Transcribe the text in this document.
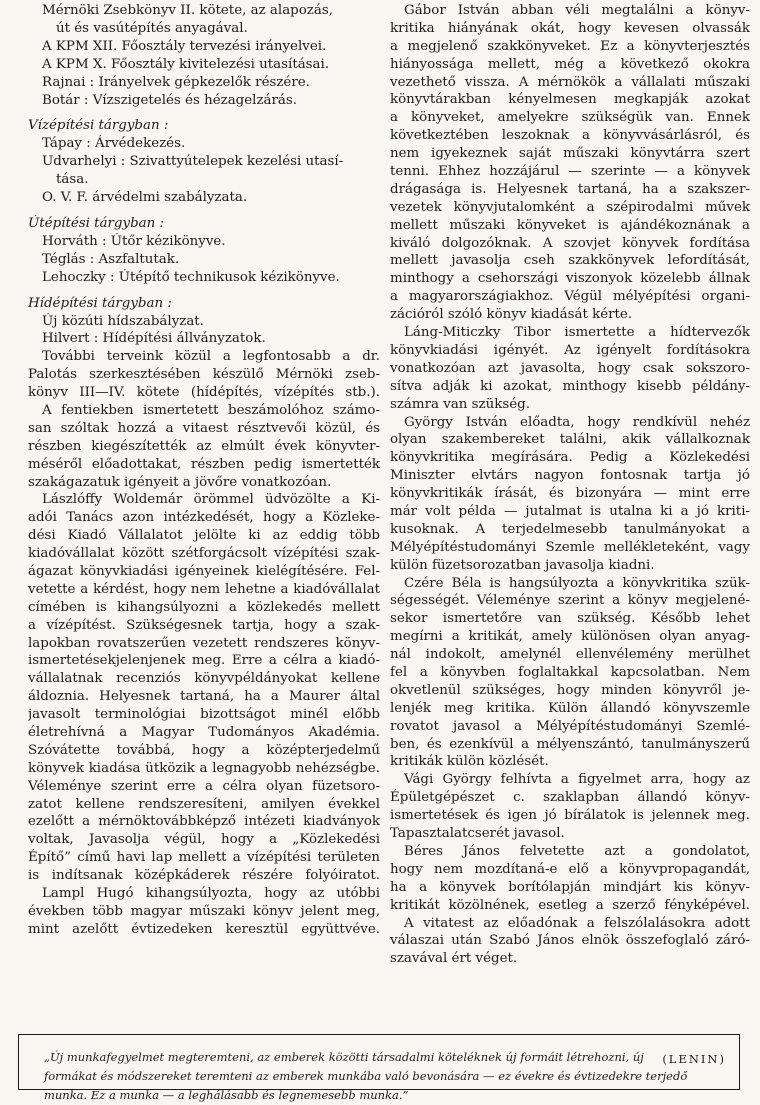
Mérnöki Zsebkönyv II. kötete, az alapozás,
út és vasútépítés anyagával.
A KPM XII. Főosztály tervezési irányelvei.
A KPM X. Főosztály kivitelezési utasításai.
Rajnai : Irányelvek gépkezelők részére.
Botár : Vízszigetelés és hézagelzárás.
Vízépítési tárgyban :
Tápay : Árvédekezés.
Udvarhelyi : Szivattyútelepek kezelési utasí-
tása.
O. V. F. árvédelmi szabályzata.
Útépítési tárgyban :
Horváth : Útőr kézikönyve.
Téglás : Aszfaltutak.
Lehoczky : Útépítő technikusok kézikönyve.
Hídépítési tárgyban :
Új közúti hídszabályzat.
Hilvert : Hídépítési állványzatok.
További terveink közül a legfontosabb a dr.
Palotás szerkesztésében készülő Mérnöki zseb-
könyv III—IV. kötete (hídépítés, vízépítés stb.).
A fentiekben ismertetett beszámolóhoz számo-
san szóltak hozzá a vitaest résztvevői közül, és
részben kiegészítették az elmúlt évek könyvter-
méséről előadottakat, részben pedig ismertették
szakágazatuk igényeit a jövőre vonatkozóan.
Lászlóffy Woldemár örömmel üdvözölte a Ki-
adói Tanács azon intézkedését, hogy a Közleke-
dési Kiadó Vállalatot jelölte ki az eddig több
kiadóvállalat között szétforgácsolt vízépítési szak-
ágazat könyvkiadási igényeinek kielégítésére. Fel-
vetette a kérdést, hogy nem lehetne a kiadóvállalat
címében is kihangsúlyozni a közlekedés mellett
a vízépítést. Szükségesnek tartja, hogy a szak-
lapokban rovatszerűen vezetett rendszeres könyv-
ismertetésekjelenjenek meg. Erre a célra a kiadó-
vállalatnak recenziós könyvpéldányokat kellene
áldoznia. Helyesnek tartaná, ha a Maurer által
javasolt terminológiai bizottságot minél előbb
életrehívná a Magyar Tudományos Akadémia.
Szóvátette továbbá, hogy a középterjedelmű
könyvek kiadása ütközik a legnagyobb nehézségbe.
Véleménye szerint erre a célra olyan füzetsoro-
zatot kellene rendszeresíteni, amilyen évekkel
ezelőtt a mérnöktovábbképző intézeti kiadványok
voltak, Javasolja végül, hogy a „Közlekedési
Építő” című havi lap mellett a vízépítési területen
is indítsanak középkáderek részére folyóiratot.
Lampl Hugó kihangsúlyozta, hogy az utóbbi
években több magyar műszaki könyv jelent meg,
mint azelőtt évtizedeken keresztül együttvéve.
Gábor István abban véli megtalálni a könyv-
kritika hiányának okát, hogy kevesen olvassák
a megjelenő szakkönyveket. Ez a könyvterjesztés
hiányossága mellett, még a következő okokra
vezethető vissza. A mérnökök a vállalati műszaki
könyvtárakban kényelmesen megkapják azokat
a könyveket, amelyekre szükségük van. Ennek
következtében leszoknak a könyvvásárlásról, és
nem igyekeznek saját műszaki könyvtárra szert
tenni. Ehhez hozzájárul — szerinte — a könyvek
drágasága is. Helyesnek tartaná, ha a szakszer-
vezetek könyvjutalomként a szépirodalmi művek
mellett műszaki könyveket is ajándékoznának a
kiváló dolgozóknak. A szovjet könyvek fordítása
mellett javasolja cseh szakkönyvek lefordítását,
minthogy a csehországi viszonyok közelebb állnak
a magyarországiakhoz. Végül mélyépítési organi-
zációról szóló könyv kiadását kérte.
Láng-Miticzky Tibor ismertette a hídtervezők
könyvkiadási igényét. Az igényelt fordításokra
vonatkozóan azt javasolta, hogy csak sokszoro-
sítva adják ki azokat, minthogy kisebb példány-
számra van szükség.
György István előadta, hogy rendkívül nehéz
olyan szakembereket találni, akik vállalkoznak
könyvkritika megírására. Pedig a Közlekedési
Miniszter elvtárs nagyon fontosnak tartja jó
könyvkritikák írását, és bizonyára — mint erre
már volt példa — jutalmat is utalna ki a jó kriti-
kusoknak. A terjedelmesebb tanulmányokat a
Mélyépítéstudományi Szemle mellékleteként, vagy
külön füzetsorozatban javasolja kiadni.
Czére Béla is hangsúlyozta a könyvkritika szük-
ségességét. Véleménye szerint a könyv megjelené-
sekor ismertetőre van szükség. Később lehet
megírni a kritikát, amely különösen olyan anyag-
nál indokolt, amelynél ellenvélemény merülhet
fel a könyvben foglaltakkal kapcsolatban. Nem
okvetlenül szükséges, hogy minden könyvről je-
lenjék meg kritika. Külön állandó könyvszemle
rovatot javasol a Mélyépítéstudományi Szemlé-
ben, és ezenkívül a mélyenszántó, tanulmányszerű
kritikák külön közlését.
Vági György felhívta a figyelmet arra, hogy az
Épületgépészet c. szaklapban állandó könyv-
ismertetések és igen jó bírálatok is jelennek meg.
Tapasztalatcserét javasol.
Béres János felvetette azt a gondolatot,
hogy nem mozdítaná-e elő a könyvpropagandát,
ha a könyvek borítólapján mindjárt kis könyv-
kritikát közölnének, esetleg a szerző fényképével.
A vitatest az előadónak a felszólalásokra adott
válaszai után Szabó János elnök összefoglaló záró-
szavával ért véget.
„Új munkafegyelmet megteremteni, az emberek közötti társadalmi köteléknek új formáit létrehozni, új
formákat és módszereket teremteni az emberek munkába való bevonására — ez évekre és évtizedekre terjedő
munka. Ez a munka — a leghálásabb és legnemesebb munka.”
(LENIN)
